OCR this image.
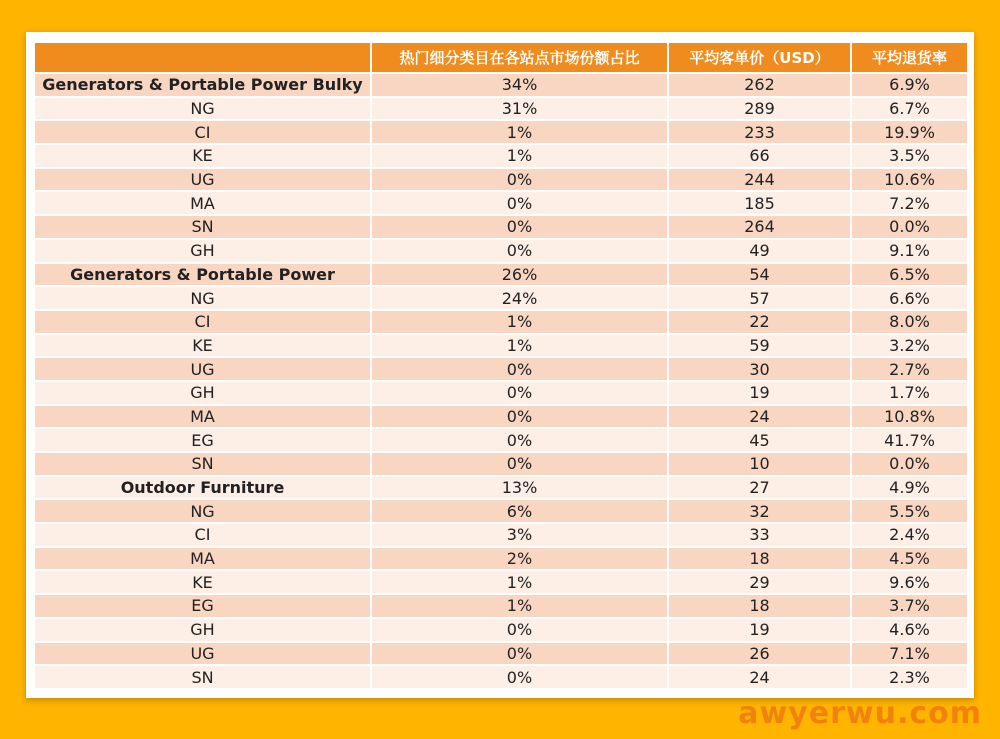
	热门细分类目在各站点市场份额占比	平均客单价（USD）	平均退货率
Generators & Portable Power Bulky	34%	262	6.9%
NG	31%	289	6.7%
CI	1%	233	19.9%
KE	1%	66	3.5%
UG	0%	244	10.6%
MA	0%	185	7.2%
SN	0%	264	0.0%
GH	0%	49	9.1%
Generators & Portable Power	26%	54	6.5%
NG	24%	57	6.6%
CI	1%	22	8.0%
KE	1%	59	3.2%
UG	0%	30	2.7%
GH	0%	19	1.7%
MA	0%	24	10.8%
EG	0%	45	41.7%
SN	0%	10	0.0%
Outdoor Furniture	13%	27	4.9%
NG	6%	32	5.5%
CI	3%	33	2.4%
MA	2%	18	4.5%
KE	1%	29	9.6%
EG	1%	18	3.7%
GH	0%	19	4.6%
UG	0%	26	7.1%
SN	0%	24	2.3%
awyerwu.com
